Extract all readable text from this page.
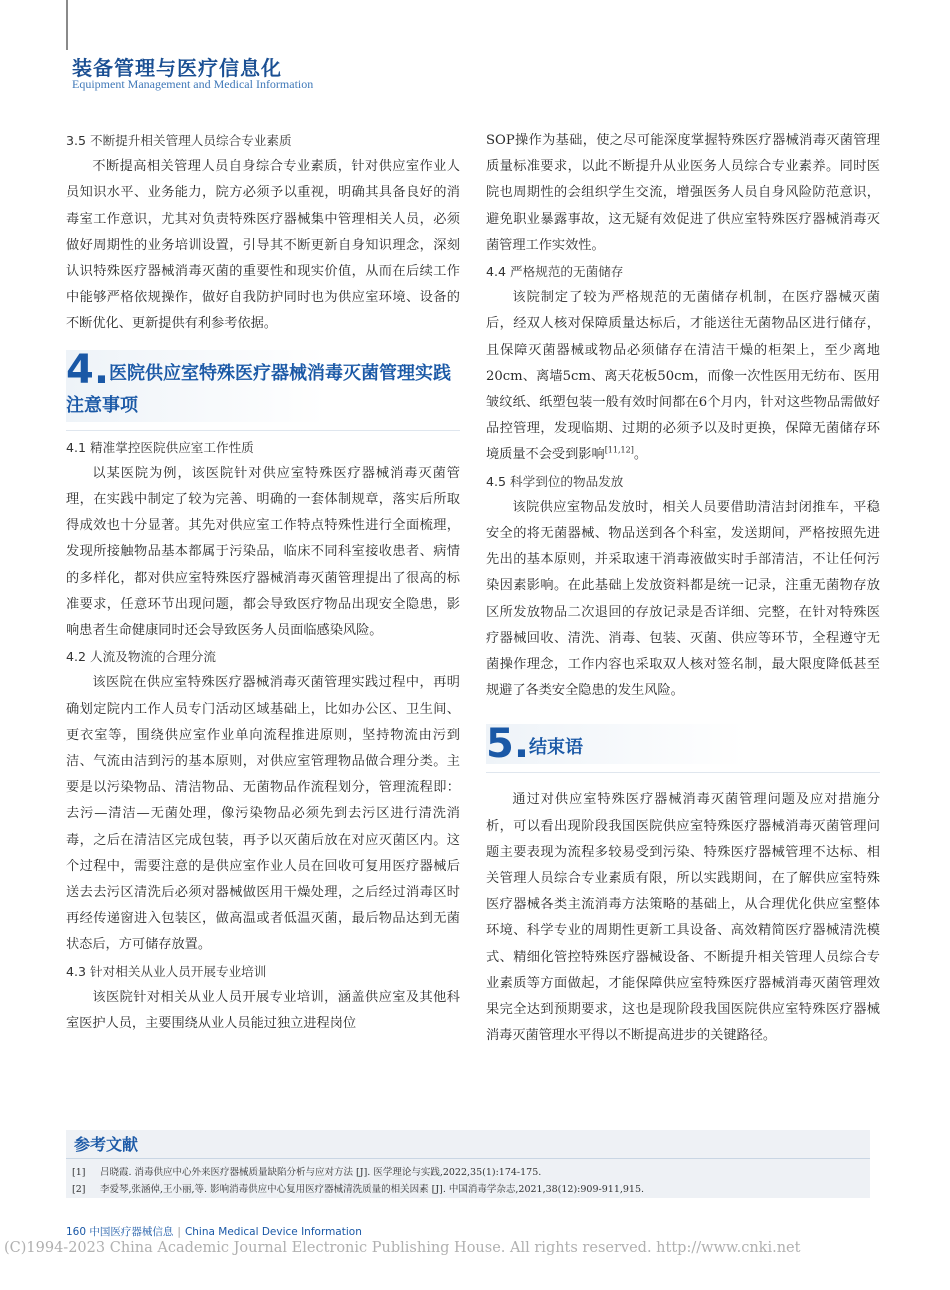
装备管理与医疗信息化
Equipment Management and Medical Information

3.5 不断提升相关管理人员综合专业素质

不断提高相关管理人员自身综合专业素质，针对供应室作业人员知识水平、业务能力，院方必须予以重视，明确其具备良好的消毒室工作意识，尤其对负责特殊医疗器械集中管理相关人员，必须做好周期性的业务培训设置，引导其不断更新自身知识理念，深刻认识特殊医疗器械消毒灭菌的重要性和现实价值，从而在后续工作中能够严格依规操作，做好自我防护同时也为供应室环境、设备的不断优化、更新提供有利参考依据。

4.医院供应室特殊医疗器械消毒灭菌管理实践注意事项

4.1 精准掌控医院供应室工作性质

以某医院为例，该医院针对供应室特殊医疗器械消毒灭菌管理，在实践中制定了较为完善、明确的一套体制规章，落实后所取得成效也十分显著。其先对供应室工作特点特殊性进行全面梳理，发现所接触物品基本都属于污染品，临床不同科室接收患者、病情的多样化，都对供应室特殊医疗器械消毒灭菌管理提出了很高的标准要求，任意环节出现问题，都会导致医疗物品出现安全隐患，影响患者生命健康同时还会导致医务人员面临感染风险。

4.2 人流及物流的合理分流

该医院在供应室特殊医疗器械消毒灭菌管理实践过程中，再明确划定院内工作人员专门活动区域基础上，比如办公区、卫生间、更衣室等，围绕供应室作业单向流程推进原则，坚持物流由污到洁、气流由洁到污的基本原则，对供应室管理物品做合理分类。主要是以污染物品、清洁物品、无菌物品作流程划分，管理流程即：去污—清洁—无菌处理，像污染物品必须先到去污区进行清洗消毒，之后在清洁区完成包装，再予以灭菌后放在对应灭菌区内。这个过程中，需要注意的是供应室作业人员在回收可复用医疗器械后送去去污区清洗后必须对器械做医用干燥处理，之后经过消毒区时再经传递窗进入包装区，做高温或者低温灭菌，最后物品达到无菌状态后，方可储存放置。

4.3 针对相关从业人员开展专业培训

该医院针对相关从业人员开展专业培训，涵盖供应室及其他科室医护人员，主要围绕从业人员能过独立进程岗位

SOP操作为基础，使之尽可能深度掌握特殊医疗器械消毒灭菌管理质量标准要求，以此不断提升从业医务人员综合专业素养。同时医院也周期性的会组织学生交流，增强医务人员自身风险防范意识，避免职业暴露事故，这无疑有效促进了供应室特殊医疗器械消毒灭菌管理工作实效性。

4.4 严格规范的无菌储存

该院制定了较为严格规范的无菌储存机制，在医疗器械灭菌后，经双人核对保障质量达标后，才能送往无菌物品区进行储存，且保障灭菌器械或物品必须储存在清洁干燥的柜架上，至少离地20cm、离墙5cm、离天花板50cm，而像一次性医用无纺布、医用皱纹纸、纸塑包装一般有效时间都在6个月内，针对这些物品需做好品控管理，发现临期、过期的必须予以及时更换，保障无菌储存环境质量不会受到影响[11,12]。

4.5 科学到位的物品发放

该院供应室物品发放时，相关人员要借助清洁封闭推车，平稳安全的将无菌器械、物品送到各个科室，发送期间，严格按照先进先出的基本原则，并采取速干消毒液做实时手部清洁，不让任何污染因素影响。在此基础上发放资料都是统一记录，注重无菌物存放区所发放物品二次退回的存放记录是否详细、完整，在针对特殊医疗器械回收、清洗、消毒、包装、灭菌、供应等环节，全程遵守无菌操作理念，工作内容也采取双人核对签名制，最大限度降低甚至规避了各类安全隐患的发生风险。

5.结束语

通过对供应室特殊医疗器械消毒灭菌管理问题及应对措施分析，可以看出现阶段我国医院供应室特殊医疗器械消毒灭菌管理问题主要表现为流程多较易受到污染、特殊医疗器械管理不达标、相关管理人员综合专业素质有限，所以实践期间，在了解供应室特殊医疗器械各类主流消毒方法策略的基础上，从合理优化供应室整体环境、科学专业的周期性更新工具设备、高效精简医疗器械清洗模式、精细化管控特殊医疗器械设备、不断提升相关管理人员综合专业素质等方面做起，才能保障供应室特殊医疗器械消毒灭菌管理效果完全达到预期要求，这也是现阶段我国医院供应室特殊医疗器械消毒灭菌管理水平得以不断提高进步的关键路径。

参考文献
[1] 吕晓霞. 消毒供应中心外来医疗器械质量缺陷分析与应对方法 [J]. 医学理论与实践,2022,35(1):174-175.
[2] 李爱琴,张涵倬,王小丽,等. 影响消毒供应中心复用医疗器械清洗质量的相关因素 [J]. 中国消毒学杂志,2021,38(12):909-911,915.
160 中国医疗器械信息 | China Medical Device Information
(C)1994-2023 China Academic Journal Electronic Publishing House. All rights reserved. http://www.cnki.net
